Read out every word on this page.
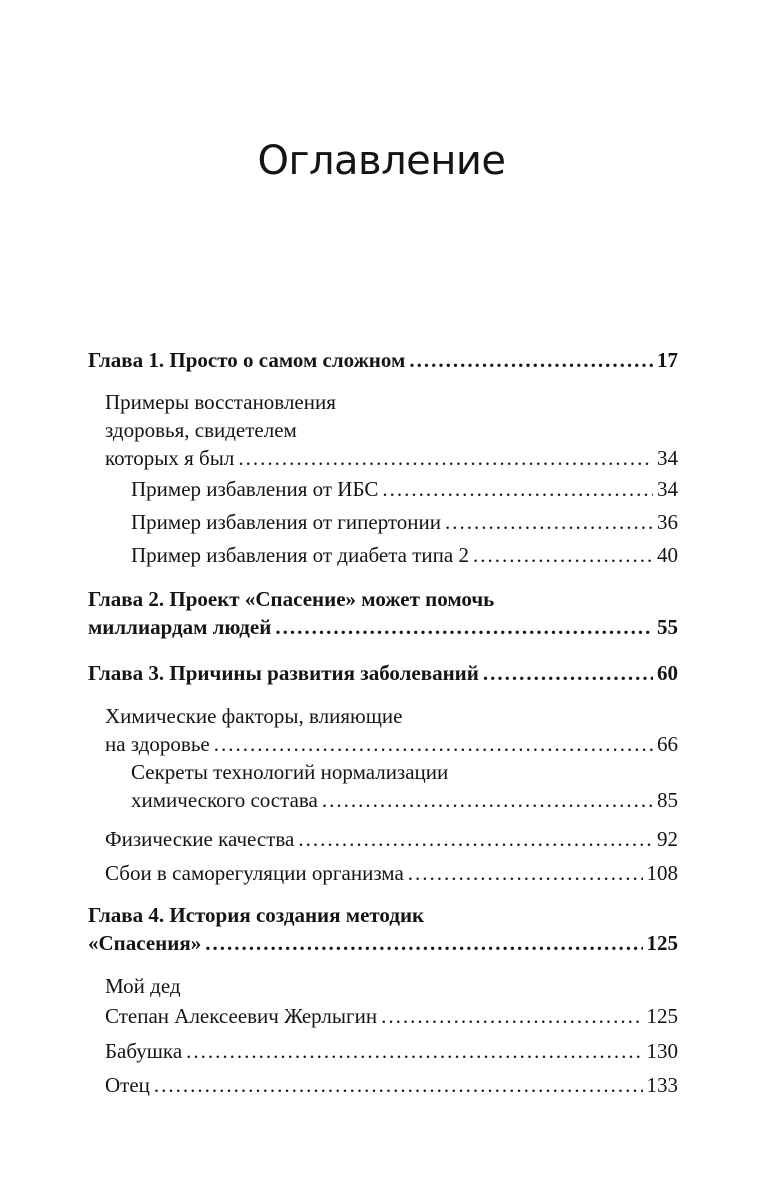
Оглавление
Глава 1. Просто о самом сложном .....	17
Примеры восстановления
здоровья, свидетелем
которых я был .....	34
Пример избавления от ИБС .....	34
Пример избавления от гипертонии .....	36
Пример избавления от диабета типа 2 .....	40
Глава 2. Проект «Спасение» может помочь
миллиардам людей .....	55
Глава 3. Причины развития заболеваний .....	60
Химические факторы, влияющие
на здоровье .....	66
Секреты технологий нормализации
химического состава .....	85
Физические качества .....	92
Сбои в саморегуляции организма .....	108
Глава 4. История создания методик
«Спасения» .....	125
Мой дед
Степан Алексеевич Жерлыгин .....	125
Бабушка .....	130
Отец .....	133
